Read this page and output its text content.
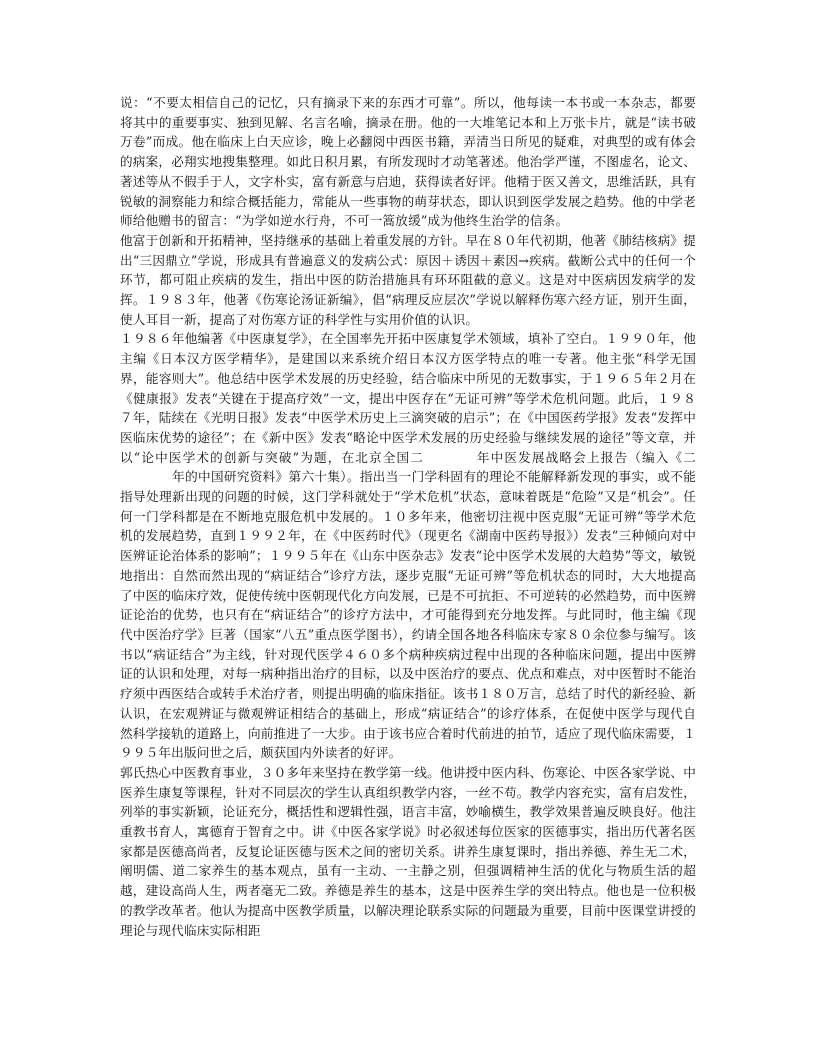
说：“不要太相信自己的记忆，只有摘录下来的东西才可靠”。所以，他每读一本书或一本杂志，都要将其中的重要事实、独到见解、名言名喻，摘录在册。他的一大堆笔记本和上万张卡片，就是“读书破万卷”而成。他在临床上白天应诊，晚上必翻阅中西医书籍，弄清当日所见的疑难，对典型的或有体会的病案，必翔实地搜集整理。如此日积月累，有所发现时才动笔著述。他治学严谨，不图虚名，论文、著述等从不假手于人，文字朴实，富有新意与启迪，获得读者好评。他精于医又善文，思维活跃，具有锐敏的洞察能力和综合概括能力，常能从一些事物的萌芽状态，即认识到医学发展之趋势。他的中学老师给他赠书的留言：“为学如逆水行舟，不可一篙放缓”成为他终生治学的信条。

他富于创新和开拓精神，坚持继承的基础上着重发展的方针。早在８０年代初期，他著《肺结核病》提出“三因鼎立”学说，形成具有普遍意义的发病公式：原因＋诱因＋素因→疾病。截断公式中的任何一个环节，都可阻止疾病的发生，指出中医的防治措施具有环环阻截的意义。这是对中医病因发病学的发挥。１９８３年，他著《伤寒论汤证新编》，倡“病理反应层次”学说以解释伤寒六经方证，别开生面，使人耳目一新，提高了对伤寒方证的科学性与实用价值的认识。

１９８６年他编著《中医康复学》，在全国率先开拓中医康复学术领域，填补了空白。１９９０年，他主编《日本汉方医学精华》，是建国以来系统介绍日本汉方医学特点的唯一专著。他主张“科学无国界，能容则大”。他总结中医学术发展的历史经验，结合临床中所见的无数事实，于１９６５年２月在《健康报》发表“关键在于提高疗效”一文，提出中医存在“无证可辨”等学术危机问题。此后，１９８７年，陆续在《光明日报》发表“中医学术历史上三滴突破的启示”；在《中国医药学报》发表“发挥中医临床优势的途径”；在《新中医》发表“略论中医学术发展的历史经验与继续发展的途径”等文章，并以“论中医学术的创新与突破”为题，在北京全国二	年中医发展战略会上报告（编入《二年的中国研究资料》第六十集）。指出当一门学科固有的理论不能解释新发现的事实，或不能指导处理新出现的问题的时候，这门学科就处于“学术危机”状态，意味着既是“危险”又是“机会”。任何一门学科都是在不断地克服危机中发展的。１０多年来，他密切注视中医克服“无证可辨”等学术危机的发展趋势，直到１９９２年，在《中医药时代》（现更名《湖南中医药导报》）发表“三种倾向对中医辨证论治体系的影响”；１９９５年在《山东中医杂志》发表“论中医学术发展的大趋势”等文，敏锐地指出：自然而然出现的“病证结合”诊疗方法，逐步克服“无证可辨”等危机状态的同时，大大地提高了中医的临床疗效，促使传统中医朝现代化方向发展，已是不可抗拒、不可逆转的必然趋势，而中医辨证论治的优势，也只有在“病证结合”的诊疗方法中，才可能得到充分地发挥。与此同时，他主编《现代中医治疗学》巨著（国家“八五”重点医学图书），约请全国各地各科临床专家８０余位参与编写。该书以“病证结合”为主线，针对现代医学４６０多个病种疾病过程中出现的各种临床问题，提出中医辨证的认识和处理，对每一病种指出治疗的目标，以及中医治疗的要点、优点和难点，对中医暂时不能治疗须中西医结合或转手术治疗者，则提出明确的临床指征。该书１８０万言，总结了时代的新经验、新认识，在宏观辨证与微观辨证相结合的基础上，形成“病证结合”的诊疗体系，在促使中医学与现代自然科学接轨的道路上，向前推进了一大步。由于该书应合着时代前进的拍节，适应了现代临床需要，１９９５年出版问世之后，颇获国内外读者的好评。

郭氏热心中医教育事业，３０多年来坚持在教学第一线。他讲授中医内科、伤寒论、中医各家学说、中医养生康复等课程，针对不同层次的学生认真组织教学内容，一丝不苟。教学内容充实，富有启发性，列举的事实新颖，论证充分，概括性和逻辑性强，语言丰富，妙喻横生，教学效果普遍反映良好。他注重教书育人，寓德育于智育之中。讲《中医各家学说》时必叙述每位医家的医德事实，指出历代著名医家都是医德高尚者，反复论证医德与医术之间的密切关系。讲养生康复课时，指出养德、养生无二术，阐明儒、道二家养生的基本观点，虽有一主动、一主静之别，但强调精神生活的优化与物质生活的超越，建设高尚人生，两者毫无二致。养德是养生的基本，这是中医养生学的突出特点。他也是一位积极的教学改革者。他认为提高中医教学质量，以解决理论联系实际的问题最为重要，目前中医课堂讲授的理论与现代临床实际相距
